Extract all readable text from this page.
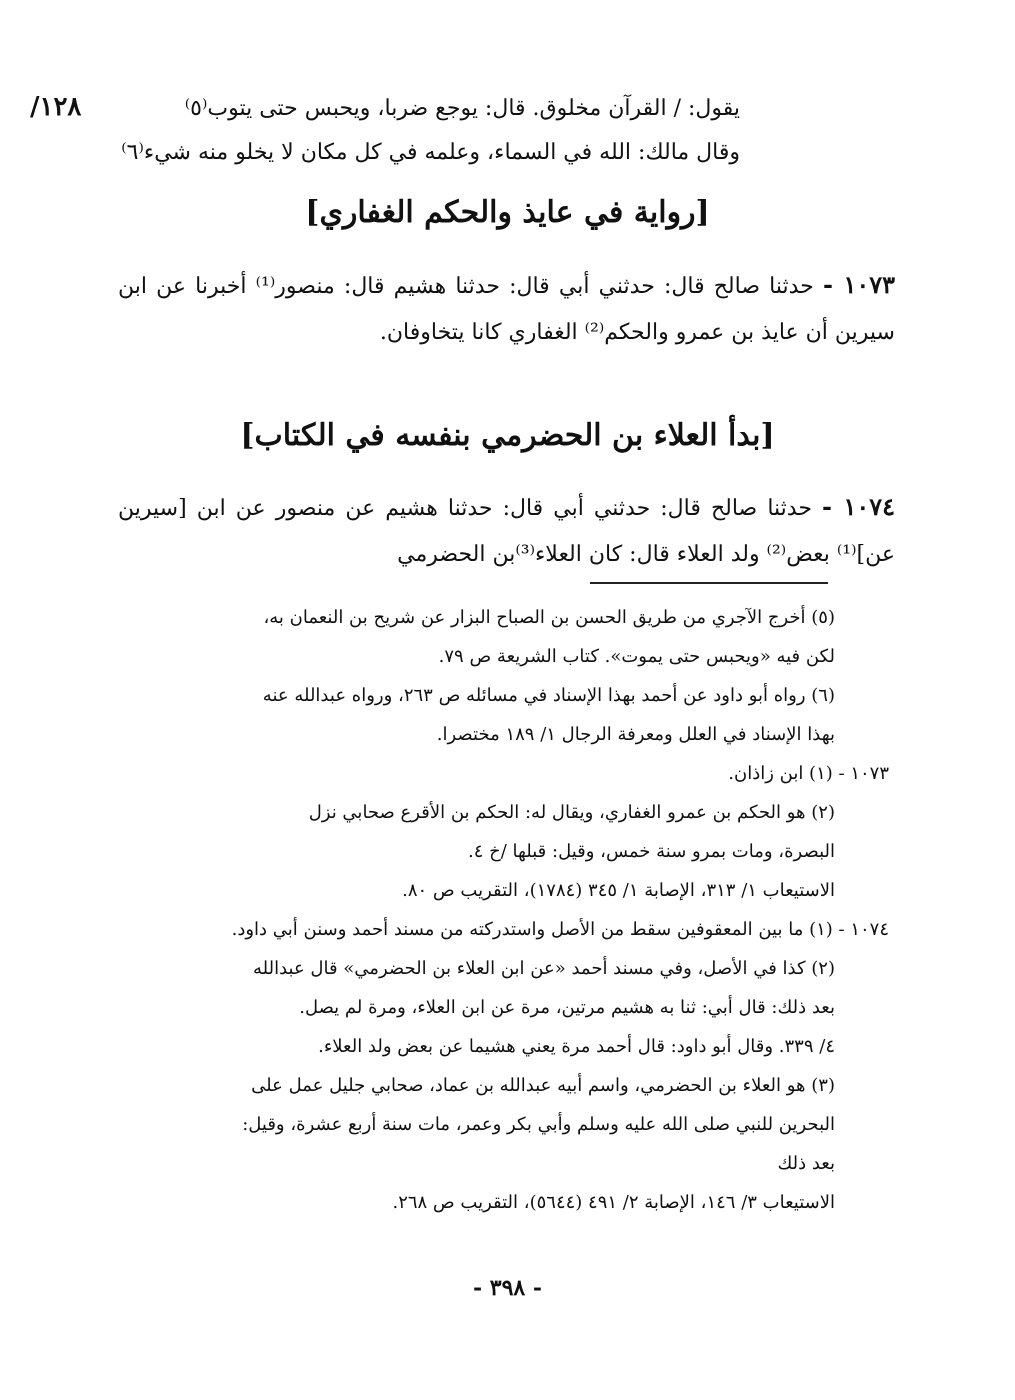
/١٢٨	يقول: / القرآن مخلوق. قال: يوجع ضربا، ويحبس حتى يتوب⁽٥⁾
وقال مالك: الله في السماء، وعلمه في كل مكان لا يخلو منه شيء⁽٦⁾
[رواية في عايذ والحكم الغفاري]

١٠٧٣ - حدثنا صالح قال: حدثني أبي قال: حدثنا هشيم قال: منصور⁽¹⁾ أخبرنا عن ابن سيرين أن عايذ بن عمرو والحكم⁽²⁾ الغفاري كانا يتخاوفان.

[بدأ العلاء بن الحضرمي بنفسه في الكتاب]

١٠٧٤ - حدثنا صالح قال: حدثني أبي قال: حدثنا هشيم عن منصور عن ابن [سيرين عن]⁽¹⁾ بعض⁽²⁾ ولد العلاء قال: كان العلاء⁽³⁾بن الحضرمي

(٥) أخرج الآجري من طريق الحسن بن الصباح البزار عن شريح بن النعمان به،

لكن فيه «ويحبس حتى يموت». كتاب الشريعة ص ٧٩.

(٦) رواه أبو داود عن أحمد بهذا الإسناد في مسائله ص ٢٦٣، ورواه عبدالله عنه

بهذا الإسناد في العلل ومعرفة الرجال ١/ ١٨٩ مختصرا.

١٠٧٣ - (١) ابن زاذان.

(٢) هو الحكم بن عمرو الغفاري، ويقال له: الحكم بن الأقرع صحابي نزل

البصرة، ومات بمرو سنة خمس، وقيل: قبلها /خ ٤.

الاستيعاب ١/ ٣١٣، الإصابة ١/ ٣٤٥ (١٧٨٤)، التقريب ص ٨٠.

١٠٧٤ - (١) ما بين المعقوفين سقط من الأصل واستدركته من مسند أحمد وسنن أبي داود.

(٢) كذا في الأصل، وفي مسند أحمد «عن ابن العلاء بن الحضرمي» قال عبدالله

بعد ذلك: قال أبي: ثنا به هشيم مرتين، مرة عن ابن العلاء، ومرة لم يصل.

٤/ ٣٣٩. وقال أبو داود: قال أحمد مرة يعني هشيما عن بعض ولد العلاء.

(٣) هو العلاء بن الحضرمي، واسم أبيه عبدالله بن عماد، صحابي جليل عمل على

البحرين للنبي صلى الله عليه وسلم وأبي بكر وعمر، مات سنة أربع عشرة، وقيل:

بعد ذلك

الاستيعاب ٣/ ١٤٦، الإصابة ٢/ ٤٩١ (٥٦٤٤)، التقريب ص ٢٦٨.

- ٣٩٨ -
